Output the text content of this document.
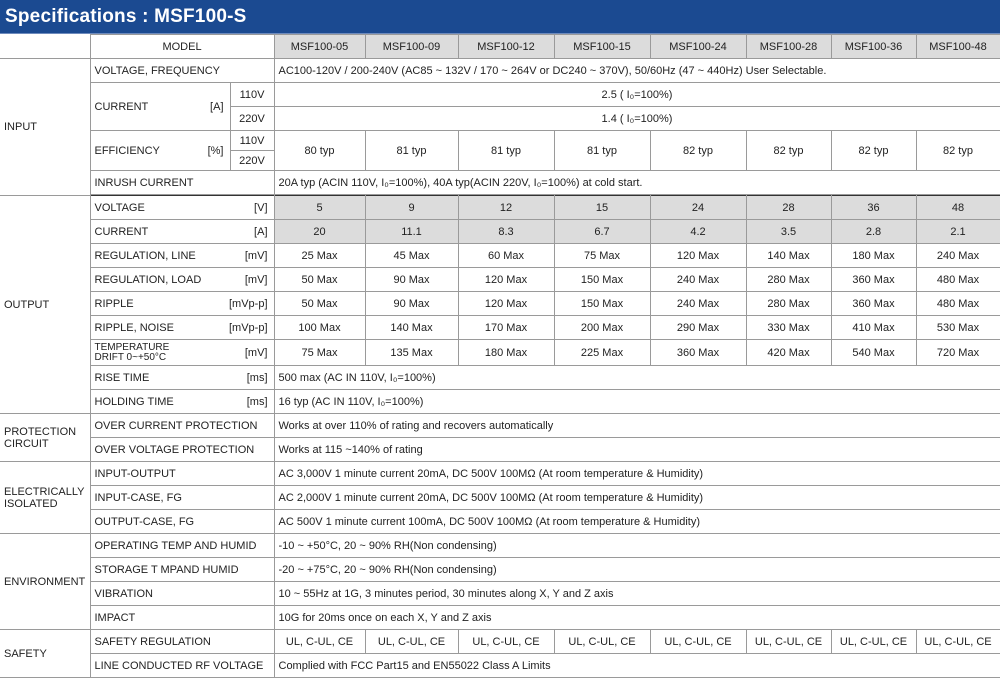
Specifications : MSF100-S
	MODEL		MSF100-05	MSF100-09	MSF100-12	MSF100-15	MSF100-24	MSF100-28	MSF100-36	MSF100-48
INPUT	VOLTAGE, FREQUENCY		AC100-120V / 200-240V (AC85 ~ 132V / 170 ~ 264V or DC240 ~ 370V), 50/60Hz (47 ~ 440Hz) User Selectable.							

	CURRENT [A]	110V	2.5 ( I₀=100%)							
		220V	1.4 ( I₀=100%)							

	EFFICIENCY [%]	110V	80 typ	81 typ	81 typ	81 typ	82 typ	82 typ	82 typ	82 typ
		220V								
	INRUSH CURRENT		20A typ (ACIN 110V, I₀=100%), 40A typ(ACIN 220V, I₀=100%) at cold start.							

OUTPUT	VOLTAGE [V]		5	9	12	15	24	28	36	48

	CURRENT [A]		20	11.1	8.3	6.7	4.2	3.5	2.8	2.1

	REGULATION, LINE [mV]		25 Max	45 Max	60 Max	75 Max	120 Max	140 Max	180 Max	240 Max

	REGULATION, LOAD [mV]		50 Max	90 Max	120 Max	150 Max	240 Max	280 Max	360 Max	480 Max

	RIPPLE [mVp-p]		50 Max	90 Max	120 Max	150 Max	240 Max	280 Max	360 Max	480 Max

	RIPPLE, NOISE [mVp-p]		100 Max	140 Max	170 Max	200 Max	290 Max	330 Max	410 Max	530 Max

	TEMPERATURE
DRIFT 0~+50°C [mV]		75 Max	135 Max	180 Max	225 Max	360 Max	420 Max	540 Max	720 Max

	RISE TIME [ms]		500 max (AC IN 110V, I₀=100%)							

	HOLDING TIME [ms]		16 typ (AC IN 110V, I₀=100%)							
PROTECTION
CIRCUIT	OVER CURRENT PROTECTION		Works at over 110% of rating and recovers automatically							
	OVER VOLTAGE PROTECTION		Works at 115 ~140% of rating							
ELECTRICALLY
ISOLATED	INPUT-OUTPUT		AC 3,000V 1 minute current 20mA, DC 500V 100MΩ (At room temperature & Humidity)							
	INPUT-CASE, FG		AC 2,000V 1 minute current 20mA, DC 500V 100MΩ (At room temperature & Humidity)							
	OUTPUT-CASE, FG		AC 500V 1 minute current 100mA, DC 500V 100MΩ (At room temperature & Humidity)							
ENVIRONMENT	OPERATING TEMP AND HUMID		-10 ~ +50°C, 20 ~ 90% RH(Non condensing)							
	STORAGE T MPAND HUMID		-20 ~ +75°C, 20 ~ 90% RH(Non condensing)							
	VIBRATION		10 ~ 55Hz at 1G, 3 minutes period, 30 minutes along X, Y and Z axis							
	IMPACT		10G for 20ms once on each X, Y and Z axis							
SAFETY	SAFETY REGULATION		UL, C-UL, CE	UL, C-UL, CE	UL, C-UL, CE	UL, C-UL, CE	UL, C-UL, CE	UL, C-UL, CE	UL, C-UL, CE	UL, C-UL, CE
	LINE CONDUCTED RF VOLTAGE		Complied with FCC Part15 and EN55022 Class A Limits							
